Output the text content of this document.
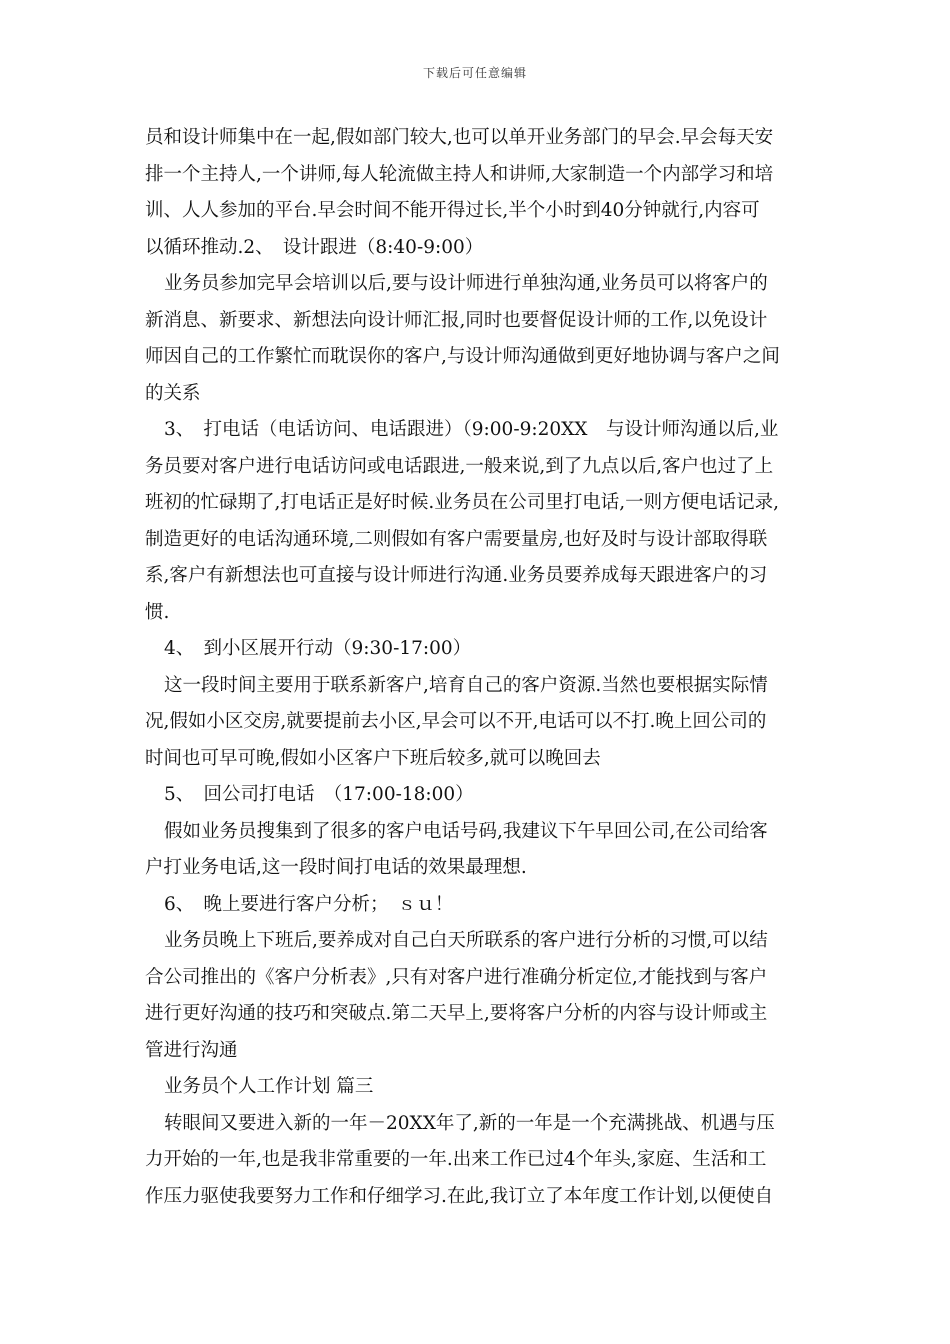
下载后可任意编辑
员和设计师集中在一起,假如部门较大,也可以单开业务部门的早会.早会每天安
排一个主持人,一个讲师,每人轮流做主持人和讲师,大家制造一个内部学习和培
训、人人参加的平台.早会时间不能开得过长,半个小时到40分钟就行,内容可
以循环推动.2、　设计跟进（8:40-9:00）
业务员参加完早会培训以后,要与设计师进行单独沟通,业务员可以将客户的
新消息、新要求、新想法向设计师汇报,同时也要督促设计师的工作,以免设计
师因自己的工作繁忙而耽误你的客户,与设计师沟通做到更好地协调与客户之间
的关系
3、　打电话（电话访问、电话跟进）（9:00-9:20XX　与设计师沟通以后,业
务员要对客户进行电话访问或电话跟进,一般来说,到了九点以后,客户也过了上
班初的忙碌期了,打电话正是好时候.业务员在公司里打电话,一则方便电话记录,
制造更好的电话沟通环境,二则假如有客户需要量房,也好及时与设计部取得联
系,客户有新想法也可直接与设计师进行沟通.业务员要养成每天跟进客户的习
惯.
4、　到小区展开行动（9:30-17:00）
这一段时间主要用于联系新客户,培育自己的客户资源.当然也要根据实际情
况,假如小区交房,就要提前去小区,早会可以不开,电话可以不打.晚上回公司的
时间也可早可晚,假如小区客户下班后较多,就可以晚回去
5、　回公司打电话　（17:00-18:00）
假如业务员搜集到了很多的客户电话号码,我建议下午早回公司,在公司给客
户打业务电话,这一段时间打电话的效果最理想.
6、　晚上要进行客户分析；　ｓｕ！
业务员晚上下班后,要养成对自己白天所联系的客户进行分析的习惯,可以结
合公司推出的《客户分析表》,只有对客户进行准确分析定位,才能找到与客户
进行更好沟通的技巧和突破点.第二天早上,要将客户分析的内容与设计师或主
管进行沟通
业务员个人工作计划 篇三
转眼间又要进入新的一年－20XX年了,新的一年是一个充满挑战、机遇与压
力开始的一年,也是我非常重要的一年.出来工作已过4个年头,家庭、生活和工
作压力驱使我要努力工作和仔细学习.在此,我订立了本年度工作计划,以便使自
